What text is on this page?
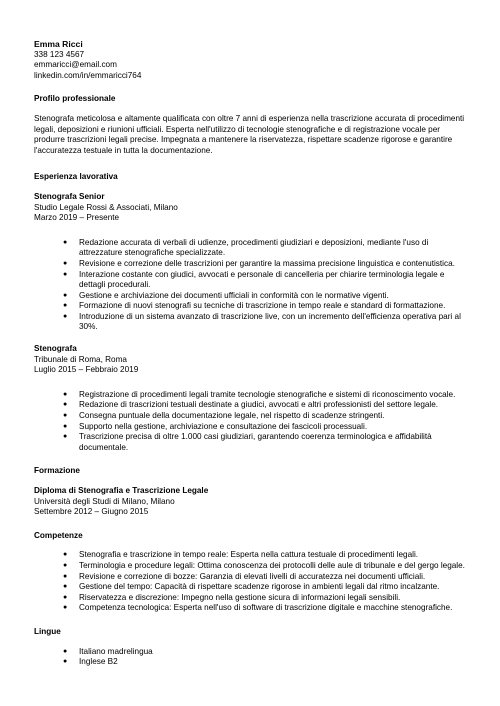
Emma Ricci

338 123 4567

emmaricci@email.com

linkedin.com/in/emmaricci764

Profilo professionale

Stenografa meticolosa e altamente qualificata con oltre 7 anni di esperienza nella trascrizione accurata di procedimenti legali, deposizioni e riunioni ufficiali. Esperta nell'utilizzo di tecnologie stenografiche e di registrazione vocale per produrre trascrizioni legali precise. Impegnata a mantenere la riservatezza, rispettare scadenze rigorose e garantire l'accuratezza testuale in tutta la documentazione.

Esperienza lavorativa

Stenografa Senior

Studio Legale Rossi & Associati, Milano

Marzo 2019 – Presente

● Redazione accurata di verbali di udienze, procedimenti giudiziari e deposizioni, mediante l'uso di attrezzature stenografiche specializzate.
● Revisione e correzione delle trascrizioni per garantire la massima precisione linguistica e contenutistica.
● Interazione costante con giudici, avvocati e personale di cancelleria per chiarire terminologia legale e dettagli procedurali.
● Gestione e archiviazione dei documenti ufficiali in conformità con le normative vigenti.
● Formazione di nuovi stenografi su tecniche di trascrizione in tempo reale e standard di formattazione.
● Introduzione di un sistema avanzato di trascrizione live, con un incremento dell'efficienza operativa pari al 30%.

Stenografa

Tribunale di Roma, Roma

Luglio 2015 – Febbraio 2019

● Registrazione di procedimenti legali tramite tecnologie stenografiche e sistemi di riconoscimento vocale.
● Redazione di trascrizioni testuali destinate a giudici, avvocati e altri professionisti del settore legale.
● Consegna puntuale della documentazione legale, nel rispetto di scadenze stringenti.
● Supporto nella gestione, archiviazione e consultazione dei fascicoli processuali.
● Trascrizione precisa di oltre 1.000 casi giudiziari, garantendo coerenza terminologica e affidabilità documentale.
Formazione

Diploma di Stenografia e Trascrizione Legale

Università degli Studi di Milano, Milano

Settembre 2012 – Giugno 2015

Competenze
● Stenografia e trascrizione in tempo reale: Esperta nella cattura testuale di procedimenti legali.
● Terminologia e procedure legali: Ottima conoscenza dei protocolli delle aule di tribunale e del gergo legale.
● Revisione e correzione di bozze: Garanzia di elevati livelli di accuratezza nei documenti ufficiali.
● Gestione del tempo: Capacità di rispettare scadenze rigorose in ambienti legali dal ritmo incalzante.
● Riservatezza e discrezione: Impegno nella gestione sicura di informazioni legali sensibili.
● Competenza tecnologica: Esperta nell'uso di software di trascrizione digitale e macchine stenografiche.
Lingue
● Italiano madrelingua
● Inglese B2
